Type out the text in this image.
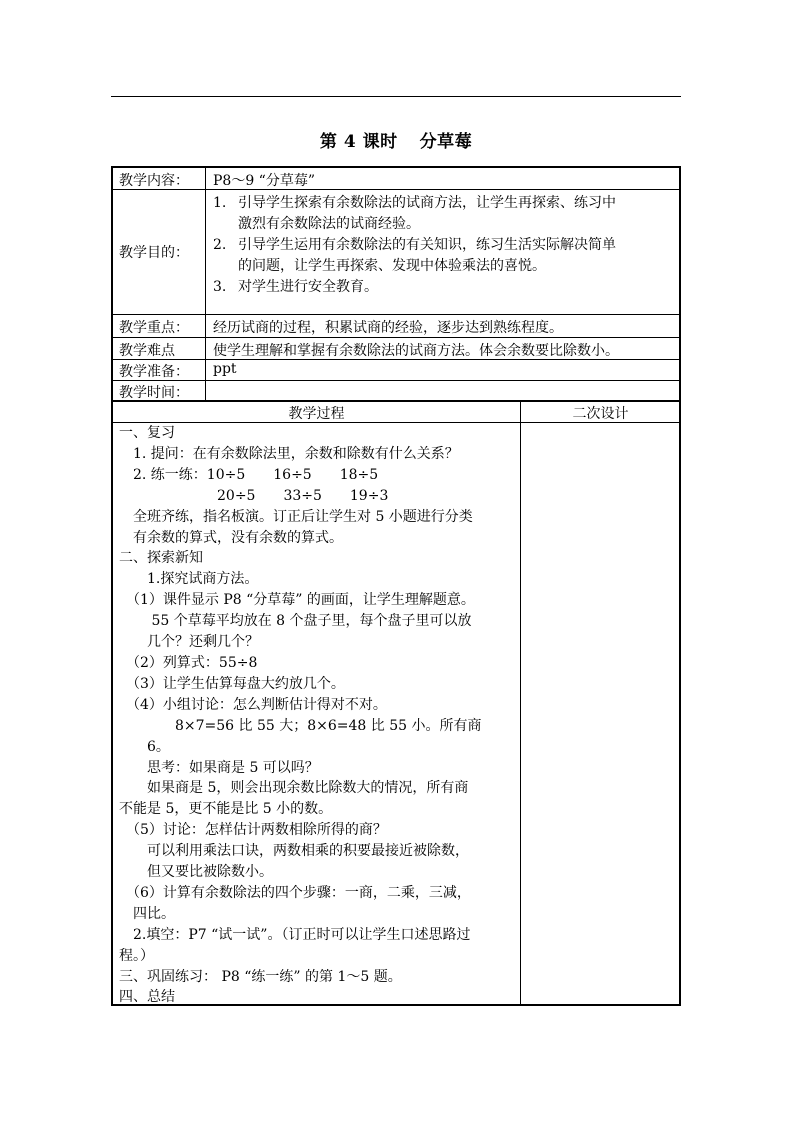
第 4 课时 分草莓
教学内容： P8～9 “分草莓”
教学目的：
1. 引导学生探索有余数除法的试商方法，让学生再探索、练习中
激烈有余数除法的试商经验。
2. 引导学生运用有余数除法的有关知识，练习生活实际解决简单
的问题，让学生再探索、发现中体验乘法的喜悦。
3. 对学生进行安全教育。
教学重点： 经历试商的过程，积累试商的经验，逐步达到熟练程度。
教学难点	使学生理解和掌握有余数除法的试商方法。体会余数要比除数小。
教学准备： ppt
教学时间：
教学过程	二次设计
一、复习
　1. 提问：在有余数除法里，余数和除数有什么关系？
　2. 练一练：10÷5　　16÷5　　18÷5
　　　　　　　20÷5　　33÷5　　19÷3
　全班齐练，指名板演。订正后让学生对 5 小题进行分类
　有余数的算式，没有余数的算式。
二、探索新知
　　1.探究试商方法。
　（1）课件显示 P8 “分草莓” 的画面，让学生理解题意。
　　 55 个草莓平均放在 8 个盘子里，每个盘子里可以放
　　几个？还剩几个？
　（2）列算式：55÷8
　（3）让学生估算每盘大约放几个。
　（4）小组讨论：怎么判断估计得对不对。
　　　　8×7=56 比 55 大；8×6=48 比 55 小。所有商
　　6。
　　思考：如果商是 5 可以吗？
　　如果商是 5，则会出现余数比除数大的情况，所有商
不能是 5，更不能是比 5 小的数。
　（5）讨论：怎样估计两数相除所得的商？
　　可以利用乘法口诀，两数相乘的积要最接近被除数，
　　但又要比被除数小。
　（6）计算有余数除法的四个步骤：一商，二乘，三减，
　四比。
　2.填空：P7 “试一试”。（订正时可以让学生口述思路过
程。）
三、巩固练习： P8 “练一练” 的第 1～5 题。
四、总结
